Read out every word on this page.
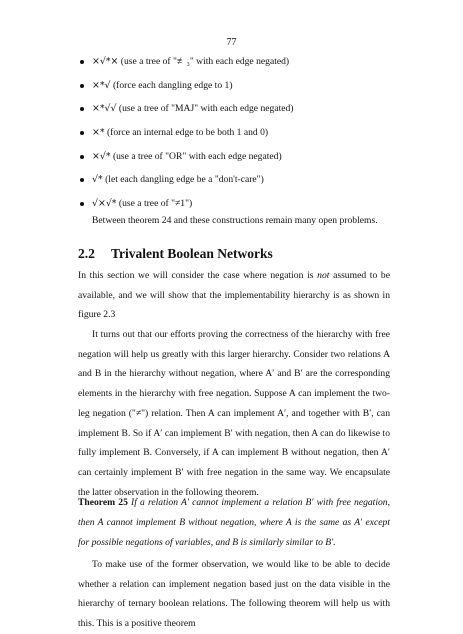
77
×√*× (use a tree of "≢₃" with each edge negated)
×*√ (force each dangling edge to 1)
×*√√ (use a tree of "MAJ" with each edge negated)
×* (force an internal edge to be both 1 and 0)
×√* (use a tree of "OR" with each edge negated)
√* (let each dangling edge be a "don't-care")
√×√* (use a tree of "≠1")
Between theorem 24 and these constructions remain many open problems.
2.2 Trivalent Boolean Networks

In this section we will consider the case where negation is not assumed to be available, and we will show that the implementability hierarchy is as shown in figure 2.3

It turns out that our efforts proving the correctness of the hierarchy with free negation will help us greatly with this larger hierarchy. Consider two relations A and B in the hierarchy without negation, where A′ and B′ are the corresponding elements in the hierarchy with free negation. Suppose A can implement the two-leg negation ("≠") relation. Then A can implement A′, and together with B′, can implement B. So if A′ can implement B′ with negation, then A can do likewise to fully implement B. Conversely, if A can implement B without negation, then A′ can certainly implement B′ with free negation in the same way. We encapsulate the latter observation in the following theorem.

Theorem 25 If a relation A′ cannot implement a relation B′ with free negation, then A cannot implement B without negation, where A is the same as A′ except for possible negations of variables, and B is similarly similar to B′.

To make use of the former observation, we would like to be able to decide whether a relation can implement negation based just on the data visible in the hierarchy of ternary boolean relations. The following theorem will help us with this. This is a positive theorem
